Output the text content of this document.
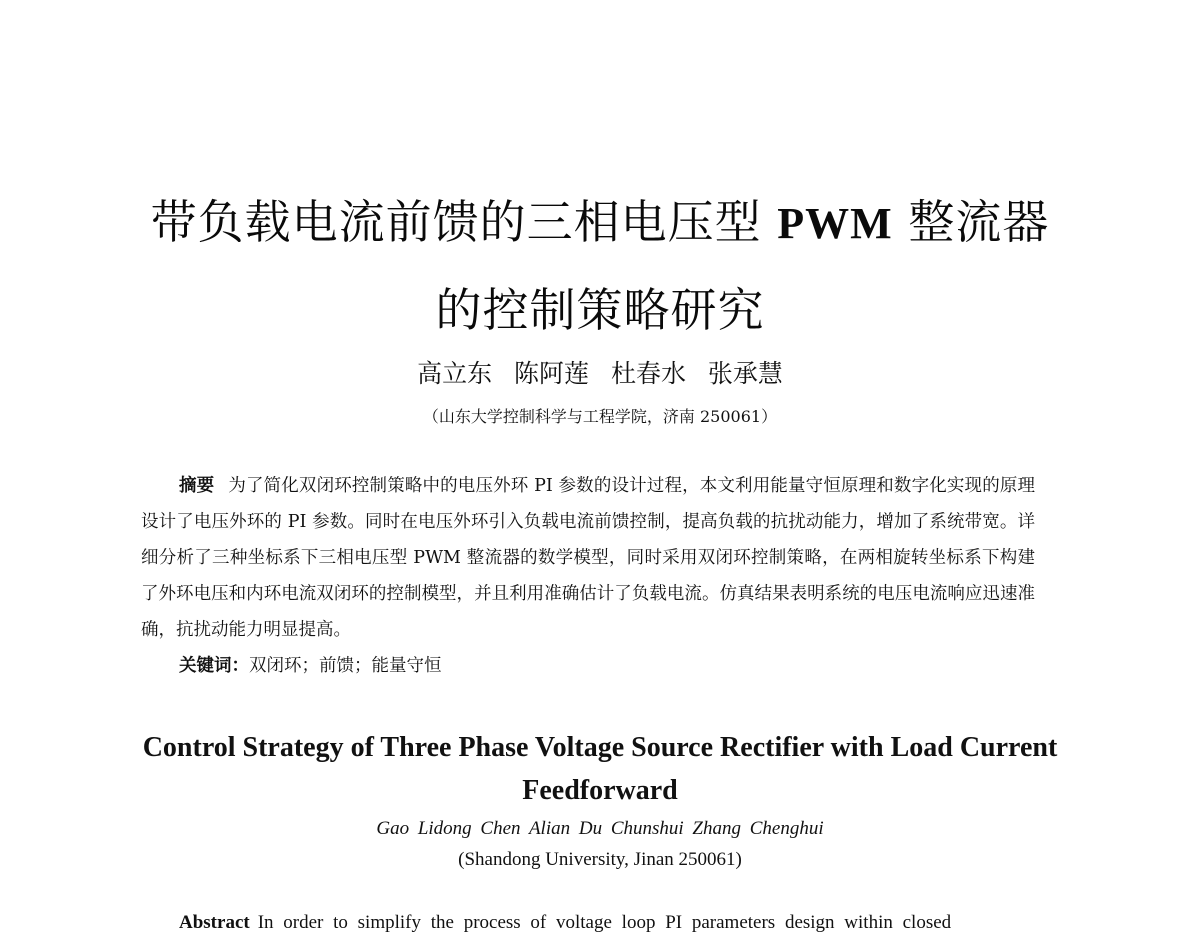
带负载电流前馈的三相电压型 PWM 整流器
的控制策略研究
高立东 陈阿莲 杜春水 张承慧
（山东大学控制科学与工程学院，济南 250061）

摘要 为了简化双闭环控制策略中的电压外环 PI 参数的设计过程，本文利用能量守恒原理和数字化实现的原理设计了电压外环的 PI 参数。同时在电压外环引入负载电流前馈控制，提高负载的抗扰动能力，增加了系统带宽。详细分析了三种坐标系下三相电压型 PWM 整流器的数学模型，同时采用双闭环控制策略，在两相旋转坐标系下构建了外环电压和内环电流双闭环的控制模型，并且利用准确估计了负载电流。仿真结果表明系统的电压电流响应迅速准确，抗扰动能力明显提高。

关键词：双闭环；前馈；能量守恒
Control Strategy of Three Phase Voltage Source Rectifier with Load Current
Feedforward
Gao Lidong Chen Alian Du Chunshui Zhang Chenghui
(Shandong University, Jinan 250061)

Abstract In order to simplify the process of voltage loop PI parameters design within closed
